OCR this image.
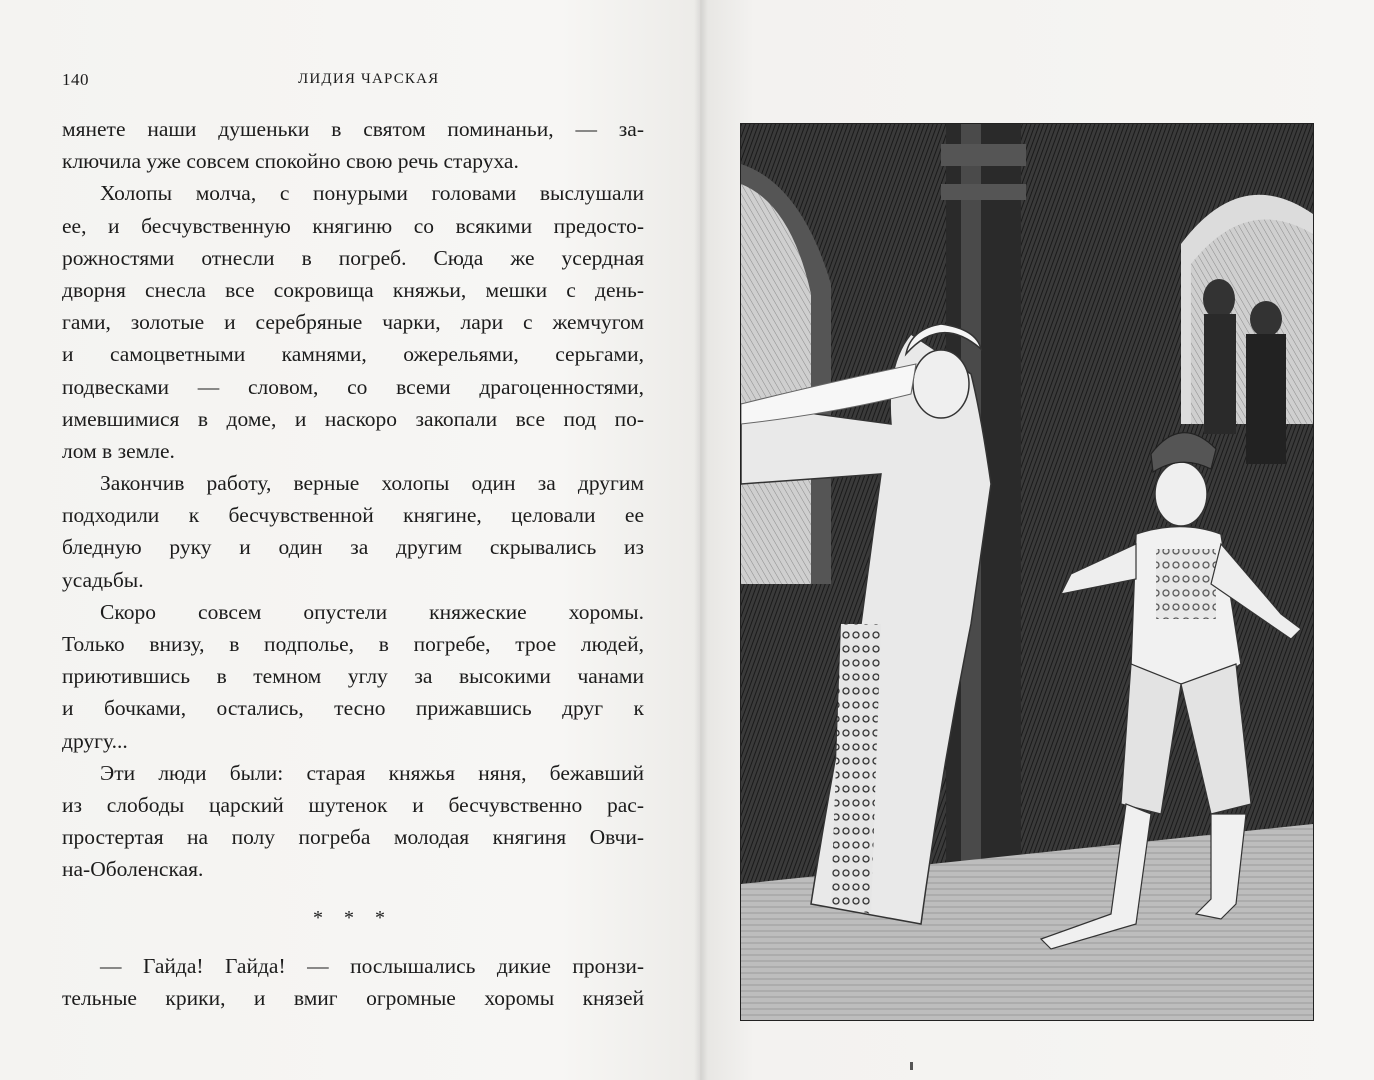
140	ЛИДИЯ ЧАРСКАЯ
мянете наши душеньки в святом поминаньи, — за-
ключила уже совсем спокойно свою речь старуха.
Холопы молча, с понурыми головами выслушали
ее, и бесчувственную княгиню со всякими предосто-
рожностями отнесли в погреб. Сюда же усердная
дворня снесла все сокровища княжьи, мешки с день-
гами, золотые и серебряные чарки, лари с жемчугом
и самоцветными камнями, ожерельями, серьгами,
подвесками — словом, со всеми драгоценностями,
имевшимися в доме, и наскоро закопали все под по-
лом в земле.
Закончив работу, верные холопы один за другим
подходили к бесчувственной княгине, целовали ее
бледную руку и один за другим скрывались из
усадьбы.
Скоро совсем опустели княжеские хоромы.
Только внизу, в подполье, в погребе, трое людей,
приютившись в темном углу за высокими чанами
и бочками, остались, тесно прижавшись друг к
другу...
Эти люди были: старая княжья няня, бежавший
из слободы царский шутенок и бесчувственно рас-
простертая на полу погреба молодая княгиня Овчи-
на-Оболенская.
* * *
— Гайда! Гайда! — послышались дикие пронзи-
тельные крики, и вмиг огромные хоромы князей
